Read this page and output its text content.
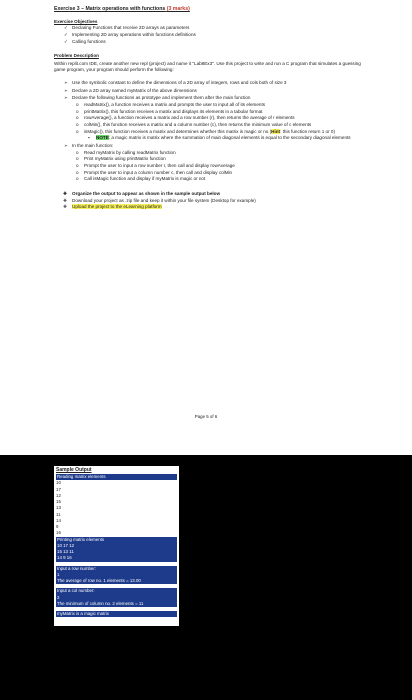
Exercise 3 – Matrix operations with functions (3 marks)
Exercise Objectives
✓ Declaring Functions that receive 2D arrays as parameters
✓ Implementing 2D array operations within functions definitions
✓ Calling functions
Problem Description
Within replit.com IDE, create another new repl (project) and name it "Lab8Ex3". Use this project to write and run a C program that simulates a guessing game program, your program should perform the following:
➢ Use the symbolic constant to define the dimensions of a 2D array of integers, rows and cols both of size 3
➢ Declare a 2D array named myMatrix of the above dimensions
➢ Declare the following functions as prototype and implement them after the main function
o readMatrix(), a function receives a matrix and prompts the user to input all of its elements
o printMatrix(), this function receives a matrix and displays its elements in a tabular format
o rowAverage(), a function receives a matrix and a row number (r), then returns the average of r elements
o colMin(), this function receives a matrix and a column number (c), then returns the minimum value of c elements
o isMagic(), this function receives a matrix and determines whether this matrix is magic or no (Hint: this function return 1 or 0)
▪ NOTE: a magic matrix is matrix where the summation of main diagonal elements is equal to the secondary diagonal elements
➢ In the main function:
o Read myMatrix by calling readMatrix function
o Print myMatrix using printMatrix function
o Prompt the user to input a row number r, then call and display rowAverage
o Prompt the user to input a column number c, then call and display colMin
o Call isMagic function and display if myMatrix is magic or not
❖ Organize the output to appear as shown in the sample output below
❖ Download your project as .zip file and keep it within your file system (Desktop for example)
❖ Upload the project to the eLearning platform
Page 5 of 6
Sample Output
Reading matrix elements
10
17
12
15
13
11
14
9
16
Printing matrix elements
10 17 12
15 13 11
14 9 16
Input a row number:
1
The average of row no. 1 elements = 13.00
Input a col number:
2
The minimum of column no. 2 elements = 11
myMatrix is a magic matrix
